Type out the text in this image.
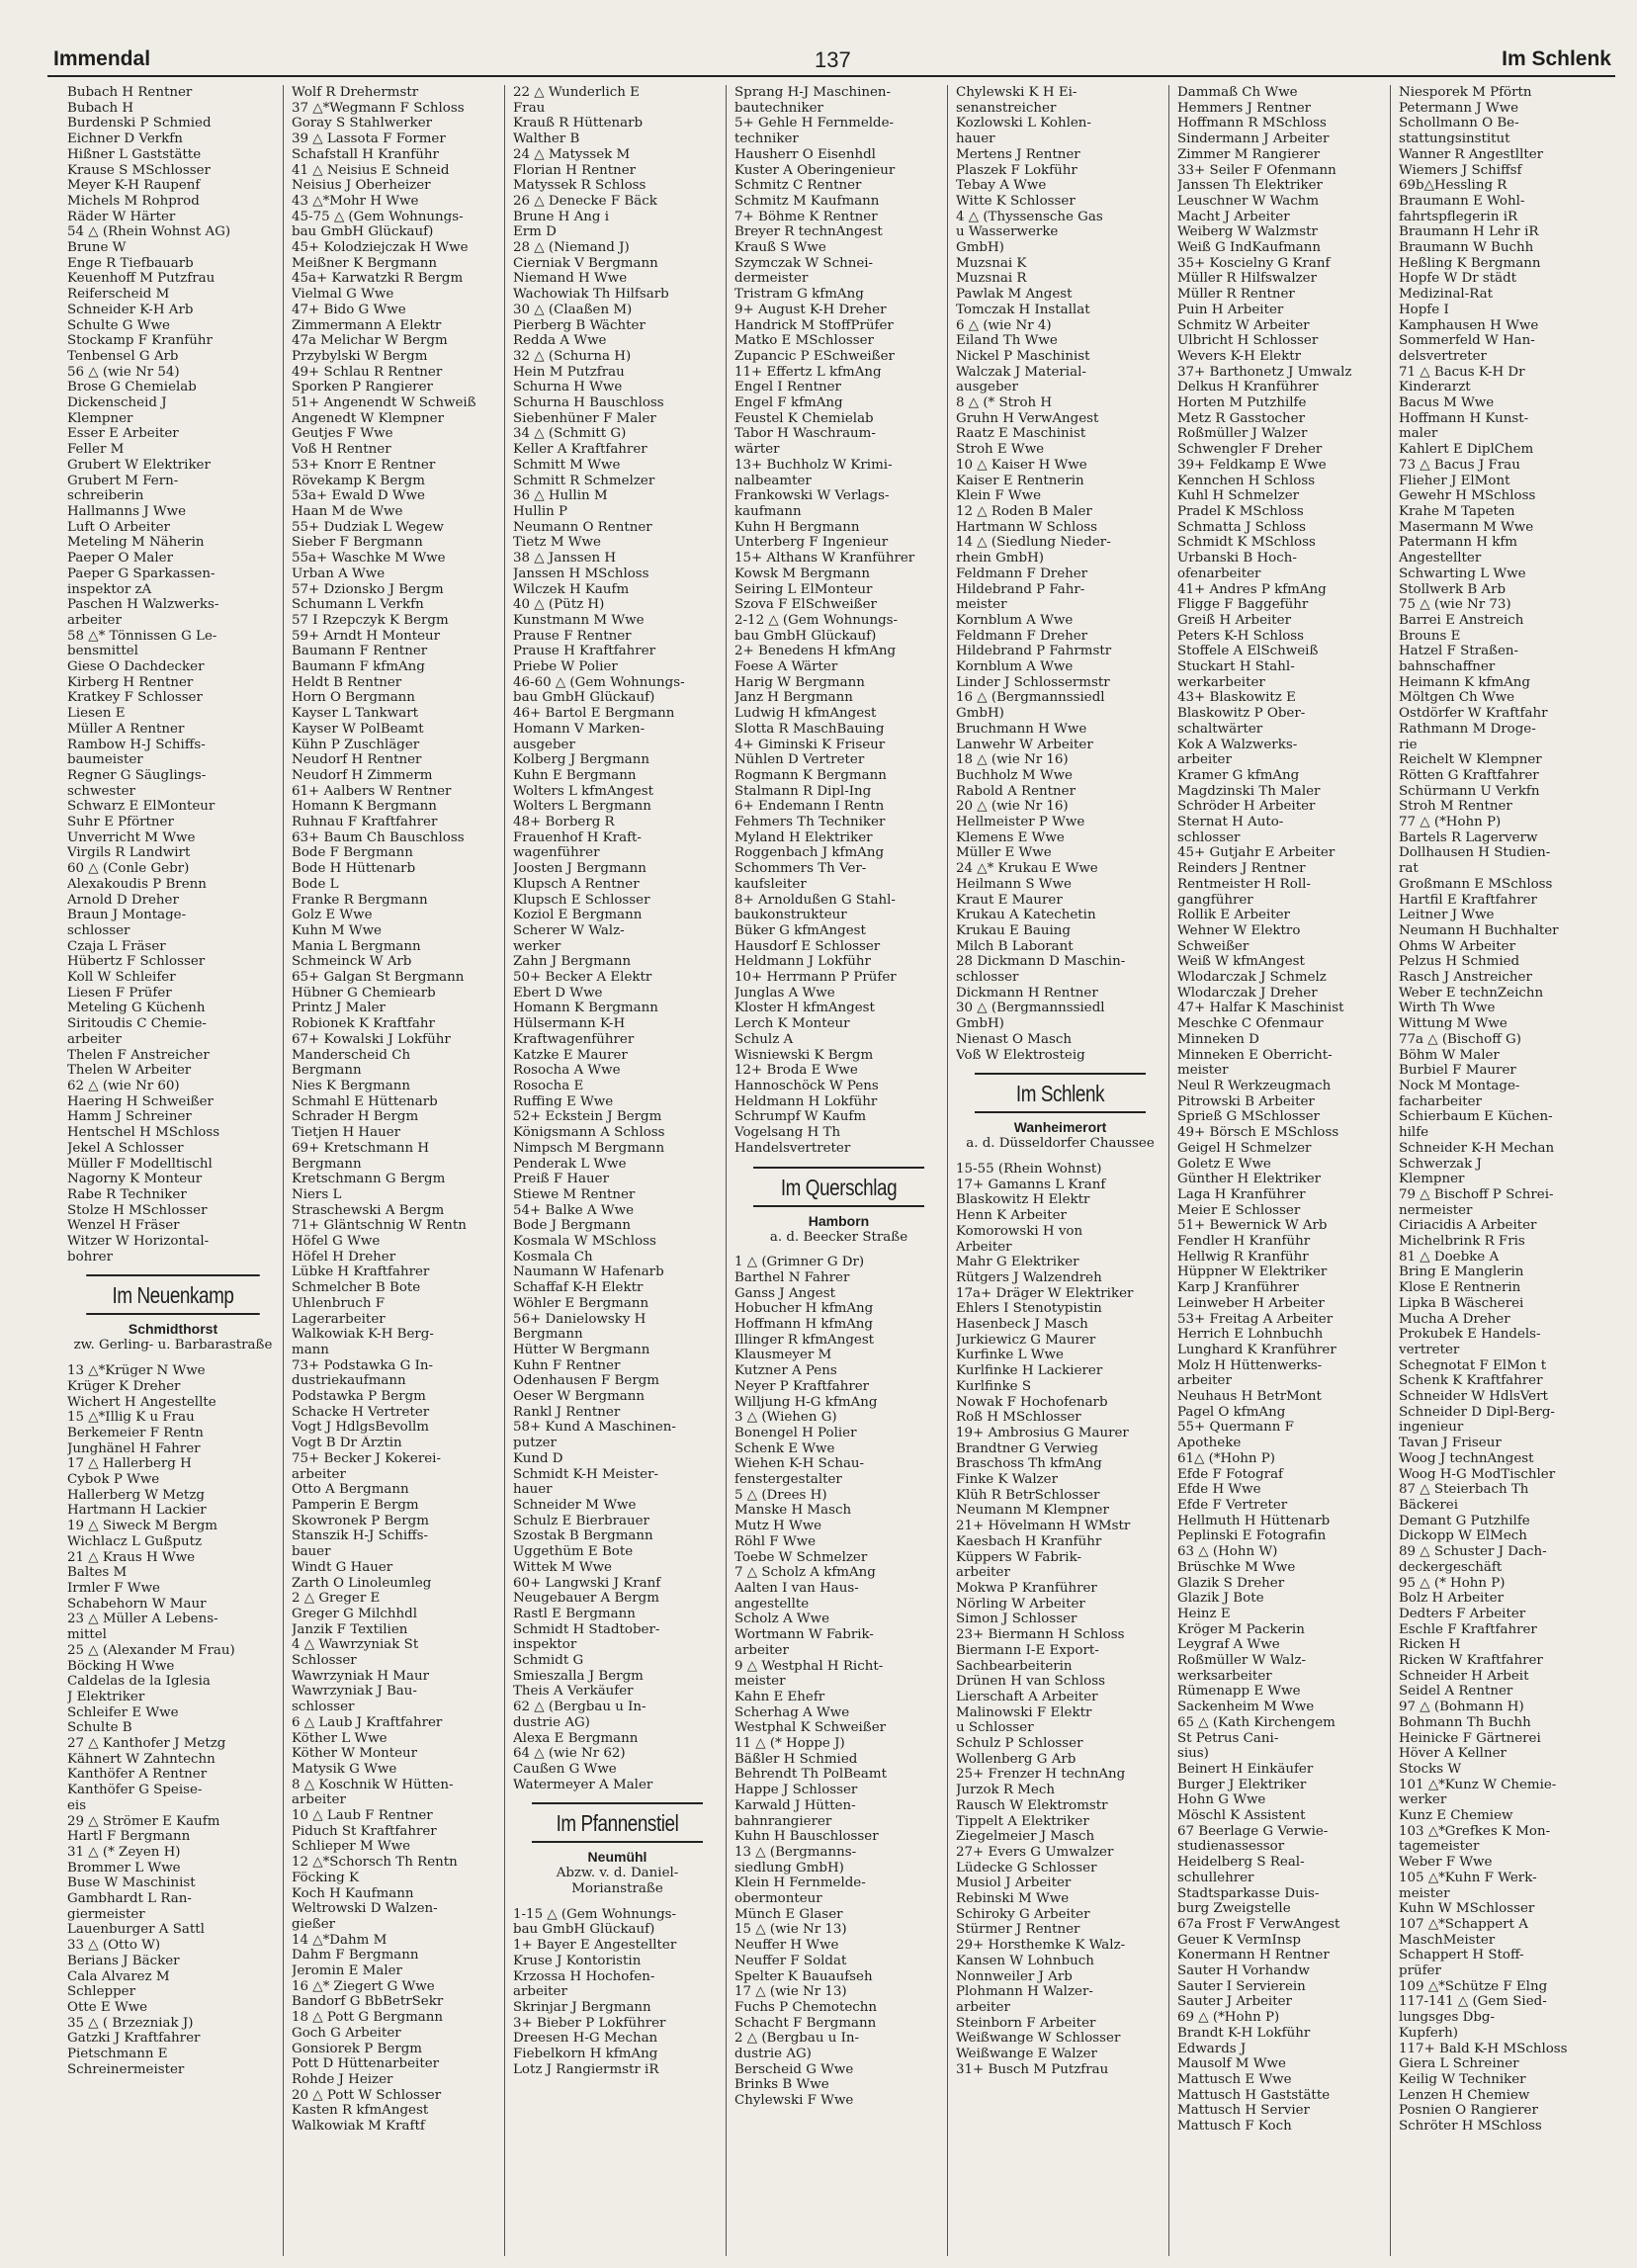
Immendal	137	Im Schlenk
Bubach H Rentner
Bubach H
Burdenski P Schmied
Eichner D Verkfn
Hißner L Gaststätte
Krause S MSchlosser
Meyer K-H Raupenf
Michels M Rohprod
Räder W Härter
54 △ (Rhein Wohnst AG)
Brune W
Enge R Tiefbauarb
Keuenhoff M Putzfrau
Reiferscheid M
Schneider K-H Arb
Schulte G Wwe
Stockamp F Kranführ
Tenbensel G Arb
56 △ (wie Nr 54)
Brose G Chemielab
Dickenscheid J
Klempner
Esser E Arbeiter
Feller M
Grubert W Elektriker
Grubert M Fern-
schreiberin
Hallmanns J Wwe
Luft O Arbeiter
Meteling M Näherin
Paeper O Maler
Paeper G Sparkassen-
inspektor zA
Paschen H Walzwerks-
arbeiter
58 △* Tönnissen G Le-
bensmittel
Giese O Dachdecker
Kirberg H Rentner
Kratkey F Schlosser
Liesen E
Müller A Rentner
Rambow H-J Schiffs-
baumeister
Regner G Säuglings-
schwester
Schwarz E ElMonteur
Suhr E Pförtner
Unverricht M Wwe
Virgils R Landwirt
60 △ (Conle Gebr)
Alexakoudis P Brenn
Arnold D Dreher
Braun J Montage-
schlosser
Czaja L Fräser
Hübertz F Schlosser
Koll W Schleifer
Liesen F Prüfer
Meteling G Küchenh
Siritoudis C Chemie-
arbeiter
Thelen F Anstreicher
Thelen W Arbeiter
62 △ (wie Nr 60)
Haering H Schweißer
Hamm J Schreiner
Hentschel H MSchloss
Jekel A Schlosser
Müller F Modelltischl
Nagorny K Monteur
Rabe R Techniker
Stolze H MSchlosser
Wenzel H Fräser
Witzer W Horizontal-
bohrer
Im Neuenkamp
Schmidthorst
zw. Gerling- u. Barbarastraße
13 △*Krüger N Wwe
Krüger K Dreher
Wichert H Angestellte
15 △*Illig K u Frau
Berkemeier F Rentn
Junghänel H Fahrer
17 △ Hallerberg H
Cybok P Wwe
Hallerberg W Metzg
Hartmann H Lackier
19 △ Siweck M Bergm
Wichlacz L Gußputz
21 △ Kraus H Wwe
Baltes M
Irmler F Wwe
Schabehorn W Maur
23 △ Müller A Lebens-
mittel
25 △ (Alexander M Frau)
Böcking H Wwe
Caldelas de la Iglesia
J Elektriker
Schleifer E Wwe
Schulte B
27 △ Kanthofer J Metzg
Kähnert W Zahntechn
Kanthöfer A Rentner
Kanthöfer G Speise-
eis
29 △ Strömer E Kaufm
Hartl F Bergmann
31 △ (* Zeyen H)
Brommer L Wwe
Buse W Maschinist
Gambhardt L Ran-
giermeister
Lauenburger A Sattl
33 △ (Otto W)
Berians J Bäcker
Cala Alvarez M
Schlepper
Otte E Wwe
35 △ ( Brzezniak J)
Gatzki J Kraftfahrer
Pietschmann E
Schreinermeister
Wolf R Drehermstr
37 △*Wegmann F Schloss
Goray S Stahlwerker
39 △ Lassota F Former
Schafstall H Kranführ
41 △ Neisius E Schneid
Neisius J Oberheizer
43 △*Mohr H Wwe
45-75 △ (Gem Wohnungs-
bau GmbH Glückauf)
45+ Kolodziejczak H Wwe
Meißner K Bergmann
45a+ Karwatzki R Bergm
Vielmal G Wwe
47+ Bido G Wwe
Zimmermann A Elektr
47a Melichar W Bergm
Przybylski W Bergm
49+ Schlau R Rentner
Sporken P Rangierer
51+ Angenendt W Schweiß
Angenedt W Klempner
Geutjes F Wwe
Voß H Rentner
53+ Knorr E Rentner
Rövekamp K Bergm
53a+ Ewald D Wwe
Haan M de Wwe
55+ Dudziak L Wegew
Sieber F Bergmann
55a+ Waschke M Wwe
Urban A Wwe
57+ Dzionsko J Bergm
Schumann L Verkfn
57 I Rzepczyk K Bergm
59+ Arndt H Monteur
Baumann F Rentner
Baumann F kfmAng
Heldt B Rentner
Horn O Bergmann
Kayser L Tankwart
Kayser W PolBeamt
Kühn P Zuschläger
Neudorf H Rentner
Neudorf H Zimmerm
61+ Aalbers W Rentner
Homann K Bergmann
Ruhnau F Kraftfahrer
63+ Baum Ch Bauschloss
Bode F Bergmann
Bode H Hüttenarb
Bode L
Franke R Bergmann
Golz E Wwe
Kuhn M Wwe
Mania L Bergmann
Schmeinck W Arb
65+ Galgan St Bergmann
Hübner G Chemiearb
Printz J Maler
Robionek K Kraftfahr
67+ Kowalski J Lokführ
Manderscheid Ch
Bergmann
Nies K Bergmann
Schmahl E Hüttenarb
Schrader H Bergm
Tietjen H Hauer
69+ Kretschmann H
Bergmann
Kretschmann G Bergm
Niers L
Straschewski A Bergm
71+ Gläntschnig W Rentn
Höfel G Wwe
Höfel H Dreher
Lübke H Kraftfahrer
Schmelcher B Bote
Uhlenbruch F
Lagerarbeiter
Walkowiak K-H Berg-
mann
73+ Podstawka G In-
dustriekaufmann
Podstawka P Bergm
Schacke H Vertreter
Vogt J HdlgsBevollm
Vogt B Dr Ärztin
75+ Becker J Kokerei-
arbeiter
Otto A Bergmann
Pamperin E Bergm
Skowronek P Bergm
Stanszik H-J Schiffs-
bauer
Windt G Hauer
Zarth O Linoleumleg
2 △ Greger E
Greger G Milchhdl
Janzik F Textilien
4 △ Wawrzyniak St
Schlosser
Wawrzyniak H Maur
Wawrzyniak J Bau-
schlosser
6 △ Laub J Kraftfahrer
Köther L Wwe
Köther W Monteur
Matysik G Wwe
8 △ Koschnik W Hütten-
arbeiter
10 △ Laub F Rentner
Piduch St Kraftfahrer
Schlieper M Wwe
12 △*Schorsch Th Rentn
Föcking K
Koch H Kaufmann
Weltrowski D Walzen-
gießer
14 △*Dahm M
Dahm F Bergmann
Jeromin E Maler
16 △* Ziegert G Wwe
Bandorf G BbBetrSekr
18 △ Pott G Bergmann
Goch G Arbeiter
Gonsiorek P Bergm
Pott D Hüttenarbeiter
Rohde J Heizer
20 △ Pott W Schlosser
Kasten R kfmAngest
Walkowiak M Kraftf
22 △ Wunderlich E
Frau
Krauß R Hüttenarb
Walther B
24 △ Matyssek M
Florian H Rentner
Matyssek R Schloss
26 △ Denecke F Bäck
Brune H Ang i
Erm D
28 △ (Niemand J)
Cierniak V Bergmann
Niemand H Wwe
Wachowiak Th Hilfsarb
30 △ (Claaßen M)
Pierberg B Wächter
Redda A Wwe
32 △ (Schurna H)
Hein M Putzfrau
Schurna H Wwe
Schurna H Bauschloss
Siebenhüner F Maler
34 △ (Schmitt G)
Keller A Kraftfahrer
Schmitt M Wwe
Schmitt R Schmelzer
36 △ Hullin M
Hullin P
Neumann O Rentner
Tietz M Wwe
38 △ Janssen H
Janssen H MSchloss
Wilczek H Kaufm
40 △ (Pütz H)
Kunstmann M Wwe
Prause F Rentner
Prause H Kraftfahrer
Priebe W Polier
46-60 △ (Gem Wohnungs-
bau GmbH Glückauf)
46+ Bartol E Bergmann
Homann V Marken-
ausgeber
Kolberg J Bergmann
Kuhn E Bergmann
Wolters L kfmAngest
Wolters L Bergmann
48+ Borberg R
Frauenhof H Kraft-
wagenführer
Joosten J Bergmann
Klupsch A Rentner
Klupsch E Schlosser
Koziol E Bergmann
Scherer W Walz-
werker
Zahn J Bergmann
50+ Becker A Elektr
Ebert D Wwe
Homann K Bergmann
Hülsermann K-H
Kraftwagenführer
Katzke E Maurer
Rosocha A Wwe
Rosocha E
Ruffing E Wwe
52+ Eckstein J Bergm
Königsmann A Schloss
Nimpsch M Bergmann
Penderak L Wwe
Preiß F Hauer
Stiewe M Rentner
54+ Balke A Wwe
Bode J Bergmann
Kosmala W MSchloss
Kosmala Ch
Naumann W Hafenarb
Schaffaf K-H Elektr
Wöhler E Bergmann
56+ Danielowsky H
Bergmann
Hütter W Bergmann
Kuhn F Rentner
Odenhausen F Bergm
Oeser W Bergmann
Rankl J Rentner
58+ Kund A Maschinen-
putzer
Kund D
Schmidt K-H Meister-
hauer
Schneider M Wwe
Schulz E Bierbrauer
Szostak B Bergmann
Uggethüm E Bote
Wittek M Wwe
60+ Langwski J Kranf
Neugebauer A Bergm
Rastl E Bergmann
Schmidt H Stadtober-
inspektor
Schmidt G
Smieszalla J Bergm
Theis A Verkäufer
62 △ (Bergbau u In-
dustrie AG)
Alexa E Bergmann
64 △ (wie Nr 62)
Caußen G Wwe
Watermeyer A Maler
Im Pfannenstiel
Neumühl
Abzw. v. d. Daniel-Morianstraße
1-15 △ (Gem Wohnungs-
bau GmbH Glückauf)
1+ Bayer E Angestellter
Kruse J Kontoristin
Krzossa H Hochofen-
arbeiter
Skrinjar J Bergmann
3+ Bieber P Lokführer
Dreesen H-G Mechan
Fiebelkorn H kfmAng
Lotz J Rangiermstr iR
Sprang H-J Maschinen-
bautechniker
5+ Gehle H Fernmelde-
techniker
Hausherr O Eisenhdl
Kuster A Oberingenieur
Schmitz C Rentner
Schmitz M Kaufmann
7+ Böhme K Rentner
Breyer R technAngest
Krauß S Wwe
Szymczak W Schnei-
dermeister
Tristram G kfmAng
9+ August K-H Dreher
Handrick M StoffPrüfer
Matko E MSchlosser
Zupancic P ESchweißer
11+ Effertz L kfmAng
Engel I Rentner
Engel F kfmAng
Feustel K Chemielab
Tabor H Waschraum-
wärter
13+ Buchholz W Krimi-
nalbeamter
Frankowski W Verlags-
kaufmann
Kuhn H Bergmann
Unterberg F Ingenieur
15+ Althans W Kranführer
Kowsk M Bergmann
Seiring L ElMonteur
Szova F ElSchweißer
2-12 △ (Gem Wohnungs-
bau GmbH Glückauf)
2+ Benedens H kfmAng
Foese A Wärter
Harig W Bergmann
Janz H Bergmann
Ludwig H kfmAngest
Slotta R MaschBauing
4+ Giminski K Friseur
Nühlen D Vertreter
Rogmann K Bergmann
Stalmann R Dipl-Ing
6+ Endemann I Rentn
Fehmers Th Techniker
Myland H Elektriker
Roggenbach J kfmAng
Schommers Th Ver-
kaufsleiter
8+ Arnoldußen G Stahl-
baukonstrukteur
Büker G kfmAngest
Hausdorf E Schlosser
Heldmann J Lokführ
10+ Herrmann P Prüfer
Junglas A Wwe
Kloster H kfmAngest
Lerch K Monteur
Schulz A
Wisniewski K Bergm
12+ Broda E Wwe
Hannoschöck W Pens
Heldmann H Lokführ
Schrumpf W Kaufm
Vogelsang H Th
Handelsvertreter
Im Querschlag
Hamborn
a. d. Beecker Straße
1 △ (Grimner G Dr)
Barthel N Fahrer
Ganss J Angest
Hobucher H kfmAng
Hoffmann H kfmAng
Illinger R kfmAngest
Klausmeyer M
Kutzner A Pens
Neyer P Kraftfahrer
Willjung H-G kfmAng
3 △ (Wiehen G)
Bonengel H Polier
Schenk E Wwe
Wiehen K-H Schau-
fenstergestalter
5 △ (Drees H)
Manske H Masch
Mutz H Wwe
Röhl F Wwe
Toebe W Schmelzer
7 △ Scholz A kfmAng
Aalten I van Haus-
angestellte
Scholz A Wwe
Wortmann W Fabrik-
arbeiter
9 △ Westphal H Richt-
meister
Kahn E Ehefr
Scherhag A Wwe
Westphal K Schweißer
11 △ (* Hoppe J)
Bäßler H Schmied
Behrendt Th PolBeamt
Happe J Schlosser
Karwald J Hütten-
bahnrangierer
Kuhn H Bauschlosser
13 △ (Bergmanns-
siedlung GmbH)
Klein H Fernmelde-
obermonteur
Münch E Glaser
15 △ (wie Nr 13)
Neuffer H Wwe
Neuffer F Soldat
Spelter K Bauaufseh
17 △ (wie Nr 13)
Fuchs P Chemotechn
Schacht F Bergmann
2 △ (Bergbau u In-
dustrie AG)
Berscheid G Wwe
Brinks B Wwe
Chylewski F Wwe
Chylewski K H Ei-
senanstreicher
Kozlowski L Kohlen-
hauer
Mertens J Rentner
Plaszek F Lokführ
Tebay A Wwe
Witte K Schlosser
4 △ (Thyssensche Gas
u Wasserwerke
GmbH)
Muzsnai K
Muzsnai R
Pawlak M Angest
Tomczak H Installat
6 △ (wie Nr 4)
Eiland Th Wwe
Nickel P Maschinist
Walczak J Material-
ausgeber
8 △ (* Stroh H
Gruhn H VerwAngest
Raatz E Maschinist
Stroh E Wwe
10 △ Kaiser H Wwe
Kaiser E Rentnerin
Klein F Wwe
12 △ Roden B Maler
Hartmann W Schloss
14 △ (Siedlung Nieder-
rhein GmbH)
Feldmann F Dreher
Hildebrand P Fahr-
meister
Kornblum A Wwe
Feldmann F Dreher
Hildebrand P Fahrmstr
Kornblum A Wwe
Linder J Schlossermstr
16 △ (Bergmannssiedl
GmbH)
Bruchmann H Wwe
Lanwehr W Arbeiter
18 △ (wie Nr 16)
Buchholz M Wwe
Rabold A Rentner
20 △ (wie Nr 16)
Hellmeister P Wwe
Klemens E Wwe
Müller E Wwe
24 △* Krukau E Wwe
Heilmann S Wwe
Kraut E Maurer
Krukau A Katechetin
Krukau E Bauing
Milch B Laborant
28 Dickmann D Maschin-
schlosser
Dickmann H Rentner
30 △ (Bergmannssiedl
GmbH)
Nienast O Masch
Voß W Elektrosteig
Im Schlenk
Wanheimerort
a. d. Düsseldorfer Chaussee
15-55 (Rhein Wohnst)
17+ Gamanns L Kranf
Blaskowitz H Elektr
Henn K Arbeiter
Komorowski H von
Arbeiter
Mahr G Elektriker
Rütgers J Walzendreh
17a+ Dräger W Elektriker
Ehlers I Stenotypistin
Hasenbeck J Masch
Jurkiewicz G Maurer
Kurfinke L Wwe
Kurlfinke H Lackierer
Kurlfinke S
Nowak F Hochofenarb
Roß H MSchlosser
19+ Ambrosius G Maurer
Brandtner G Verwieg
Braschoss Th kfmAng
Finke K Walzer
Klüh R BetrSchlosser
Neumann M Klempner
21+ Hövelmann H WMstr
Kaesbach H Kranführ
Küppers W Fabrik-
arbeiter
Mokwa P Kranführer
Nörling W Arbeiter
Simon J Schlosser
23+ Biermann H Schloss
Biermann I-E Export-
Sachbearbeiterin
Drünen H van Schloss
Lierschaft A Arbeiter
Malinowski F Elektr
u Schlosser
Schulz P Schlosser
Wollenberg G Arb
25+ Frenzer H technAng
Jurzok R Mech
Rausch W Elektromstr
Tippelt A Elektriker
Ziegelmeier J Masch
27+ Evers G Umwalzer
Lüdecke G Schlosser
Musiol J Arbeiter
Rebinski M Wwe
Schiroky G Arbeiter
Stürmer J Rentner
29+ Horsthemke K Walz-
Kansen W Lohnbuch
Nonnweiler J Arb
Plohmann H Walzer-
arbeiter
Steinborn F Arbeiter
Weißwange W Schlosser
Weißwange E Walzer
31+ Busch M Putzfrau
Dammaß Ch Wwe
Hemmers J Rentner
Hoffmann R MSchloss
Sindermann J Arbeiter
Zimmer M Rangierer
33+ Seiler F Ofenmann
Janssen Th Elektriker
Leuschner W Wachm
Macht J Arbeiter
Weiberg W Walzmstr
Weiß G IndKaufmann
35+ Koscielny G Kranf
Müller R Hilfswalzer
Müller R Rentner
Puin H Arbeiter
Schmitz W Arbeiter
Ulbricht H Schlosser
Wevers K-H Elektr
37+ Barthonetz J Umwalz
Delkus H Kranführer
Horten M Putzhilfe
Metz R Gasstocher
Roßmüller J Walzer
Schwengler F Dreher
39+ Feldkamp E Wwe
Kennchen H Schloss
Kuhl H Schmelzer
Pradel K MSchloss
Schmatta J Schloss
Schmidt K MSchloss
Urbanski B Hoch-
ofenarbeiter
41+ Andres P kfmAng
Fligge F Baggeführ
Greiß H Arbeiter
Peters K-H Schloss
Stoffele A ElSchweiß
Stuckart H Stahl-
werkarbeiter
43+ Blaskowitz E
Blaskowitz P Ober-
schaltwärter
Kok A Walzwerks-
arbeiter
Kramer G kfmAng
Magdzinski Th Maler
Schröder H Arbeiter
Sternat H Auto-
schlosser
45+ Gutjahr E Arbeiter
Reinders J Rentner
Rentmeister H Roll-
gangführer
Rollik E Arbeiter
Wehner W Elektro
Schweißer
Weiß W kfmAngest
Wlodarczak J Schmelz
Wlodarczak J Dreher
47+ Halfar K Maschinist
Meschke C Ofenmaur
Minneken D
Minneken E Oberricht-
meister
Neul R Werkzeugmach
Pitrowski B Arbeiter
Sprieß G MSchlosser
49+ Börsch E MSchloss
Geigel H Schmelzer
Goletz E Wwe
Günther H Elektriker
Laga H Kranführer
Meier E Schlosser
51+ Bewernick W Arb
Fendler H Kranführ
Hellwig R Kranführ
Hüppner W Elektriker
Karp J Kranführer
Leinweber H Arbeiter
53+ Freitag A Arbeiter
Herrich E Lohnbuchh
Lunghard K Kranführer
Molz H Hüttenwerks-
arbeiter
Neuhaus H BetrMont
Pagel O kfmAng
55+ Quermann F
Apotheke
61△ (*Hohn P)
Efde F Fotograf
Efde H Wwe
Efde F Vertreter
Hellmuth H Hüttenarb
Peplinski E Fotografin
63 △ (Hohn W)
Brüschke M Wwe
Glazik S Dreher
Glazik J Bote
Heinz E
Kröger M Packerin
Leygraf A Wwe
Roßmüller W Walz-
werksarbeiter
Rümenapp E Wwe
Sackenheim M Wwe
65 △ (Kath Kirchengem
St Petrus Cani-
sius)
Beinert H Einkäufer
Burger J Elektriker
Hohn G Wwe
Möschl K Assistent
67 Beerlage G Verwie-
studienassessor
Heidelberg S Real-
schullehrer
Stadtsparkasse Duis-
burg Zweigstelle
67a Frost F VerwAngest
Geuer K VermInsp
Konermann H Rentner
Sauter H Vorhandw
Sauter I Servierein
Sauter J Arbeiter
69 △ (*Hohn P)
Brandt K-H Lokführ
Edwards J
Mausolf M Wwe
Mattusch E Wwe
Mattusch H Gaststätte
Mattusch H Servier
Mattusch F Koch
Niesporek M Pförtn
Petermann J Wwe
Schollmann O Be-
stattungsinstitut
Wanner R Angestllter
Wiemers J Schiffsf
69b△Hessling R
Braumann E Wohl-
fahrtspflegerin iR
Braumann H Lehr iR
Braumann W Buchh
Heßling K Bergmann
Hopfe W Dr städt
Medizinal-Rat
Hopfe I
Kamphausen H Wwe
Sommerfeld W Han-
delsvertreter
71 △ Bacus K-H Dr
Kinderarzt
Bacus M Wwe
Hoffmann H Kunst-
maler
Kahlert E DiplChem
73 △ Bacus J Frau
Flieher J ElMont
Gewehr H MSchloss
Krahe M Tapeten
Masermann M Wwe
Patermann H kfm
Angestellter
Schwarting L Wwe
Stollwerk B Arb
75 △ (wie Nr 73)
Barrei E Anstreich
Brouns E
Hatzel F Straßen-
bahnschaffner
Heimann K kfmAng
Möltgen Ch Wwe
Ostdörfer W Kraftfahr
Rathmann M Droge-
rie
Reichelt W Klempner
Rötten G Kraftfahrer
Schürmann U Verkfn
Stroh M Rentner
77 △ (*Hohn P)
Bartels R Lagerverw
Dollhausen H Studien-
rat
Großmann E MSchloss
Hartfil E Kraftfahrer
Leitner J Wwe
Neumann H Buchhalter
Ohms W Arbeiter
Pelzus H Schmied
Rasch J Anstreicher
Weber E technZeichn
Wirth Th Wwe
Wittung M Wwe
77a △ (Bischoff G)
Böhm W Maler
Burbiel F Maurer
Nock M Montage-
facharbeiter
Schierbaum E Küchen-
hilfe
Schneider K-H Mechan
Schwerzak J
Klempner
79 △ Bischoff P Schrei-
nermeister
Ciriacidis A Arbeiter
Michelbrink R Fris
81 △ Doebke A
Bring E Manglerin
Klose E Rentnerin
Lipka B Wäscherei
Mucha A Dreher
Prokubek E Handels-
vertreter
Schegnotat F ElMon t
Schenk K Kraftfahrer
Schneider W HdlsVert
Schneider D Dipl-Berg-
ingenieur
Tavan J Friseur
Woog J technAngest
Woog H-G ModTischler
87 △ Steierbach Th
Bäckerei
Demant G Putzhilfe
Dickopp W ElMech
89 △ Schuster J Dach-
deckergeschäft
95 △ (* Hohn P)
Bolz H Arbeiter
Dedters F Arbeiter
Eschle F Kraftfahrer
Ricken H
Ricken W Kraftfahrer
Schneider H Arbeit
Seidel A Rentner
97 △ (Bohmann H)
Bohmann Th Buchh
Heinicke F Gärtnerei
Höver A Kellner
Stocks W
101 △*Kunz W Chemie-
werker
Kunz E Chemiew
103 △*Grefkes K Mon-
tagemeister
Weber F Wwe
105 △*Kuhn F Werk-
meister
Kuhn W MSchlosser
107 △*Schappert A
MaschMeister
Schappert H Stoff-
prüfer
109 △*Schütze F Elng
117-141 △ (Gem Sied-
lungsges Dbg-
Kupferh)
117+ Bald K-H MSchloss
Giera L Schreiner
Keilig W Techniker
Lenzen H Chemiew
Posnien O Rangierer
Schröter H MSchloss
